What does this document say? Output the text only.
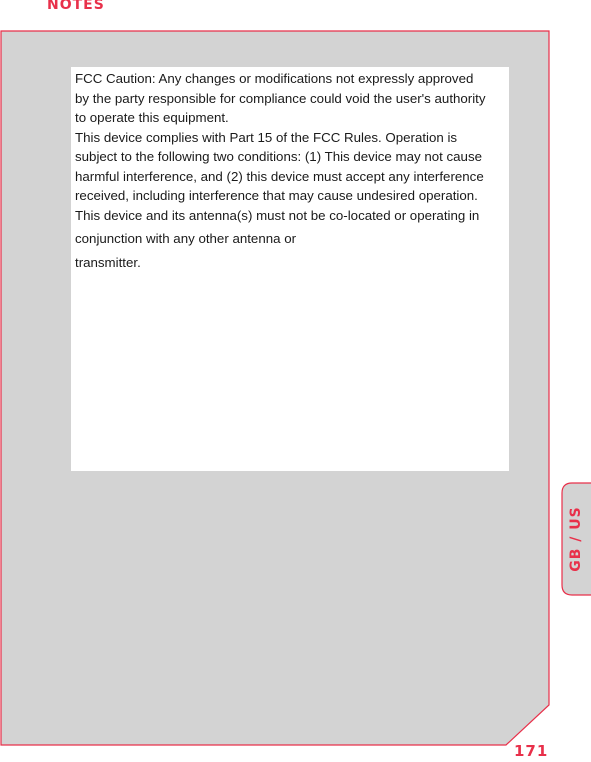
NOTES

FCC Caution: Any changes or modifications not expressly approved
by the party responsible for compliance could void the user's authority
to operate this equipment.
This device complies with Part 15 of the FCC Rules. Operation is
subject to the following two conditions: (1) This device may not cause
harmful interference, and (2) this device must accept any interference
received, including interference that may cause undesired operation.
This device and its antenna(s) must not be co-located or operating in
conjunction with any other antenna or
transmitter.

GB / US

171
